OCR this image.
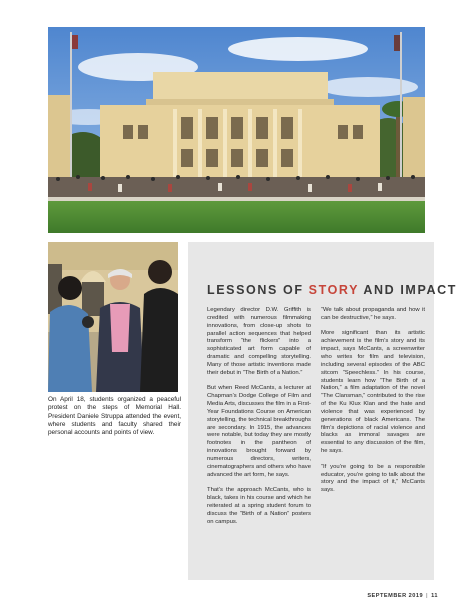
On April 18, students organized a peaceful protest on the steps of Memorial Hall. President Daniele Struppa attended the event, where students and faculty shared their personal accounts and points of view.

LESSONS OF STORY AND IMPACT

Legendary director D.W. Griffith is credited with numerous filmmaking innovations, from close-up shots to parallel action sequences that helped transform “the flickers” into a sophisticated art form capable of dramatic and compelling storytelling. Many of those artistic inventions made their debut in “The Birth of a Nation.”

But when Reed McCants, a lecturer at Chapman’s Dodge College of Film and Media Arts, discusses the film in a First-Year Foundations Course on American storytelling, the technical breakthroughs are secondary. In 1915, the advances were notable, but today they are mostly footnotes in the pantheon of innovations brought forward by numerous directors, writers, cinematographers and others who have advanced the art form, he says.

That’s the approach McCants, who is black, takes in his course and which he reiterated at a spring student forum to discuss the “Birth of a Nation” posters on campus.

“We talk about propaganda and how it can be destructive,” he says.

More significant than its artistic achievement is the film’s story and its impact, says McCants, a screenwriter who writes for film and television, including several episodes of the ABC sitcom “Speechless.” In his course, students learn how “The Birth of a Nation,” a film adaptation of the novel “The Clansman,” contributed to the rise of the Ku Klux Klan and the hate and violence that was experienced by generations of black Americans. The film’s depictions of racial violence and blacks as immoral savages are essential to any discussion of the film, he says.

“If you’re going to be a responsible educator, you’re going to talk about the story and the impact of it,” McCants says.

SEPTEMBER 2019 | 11
